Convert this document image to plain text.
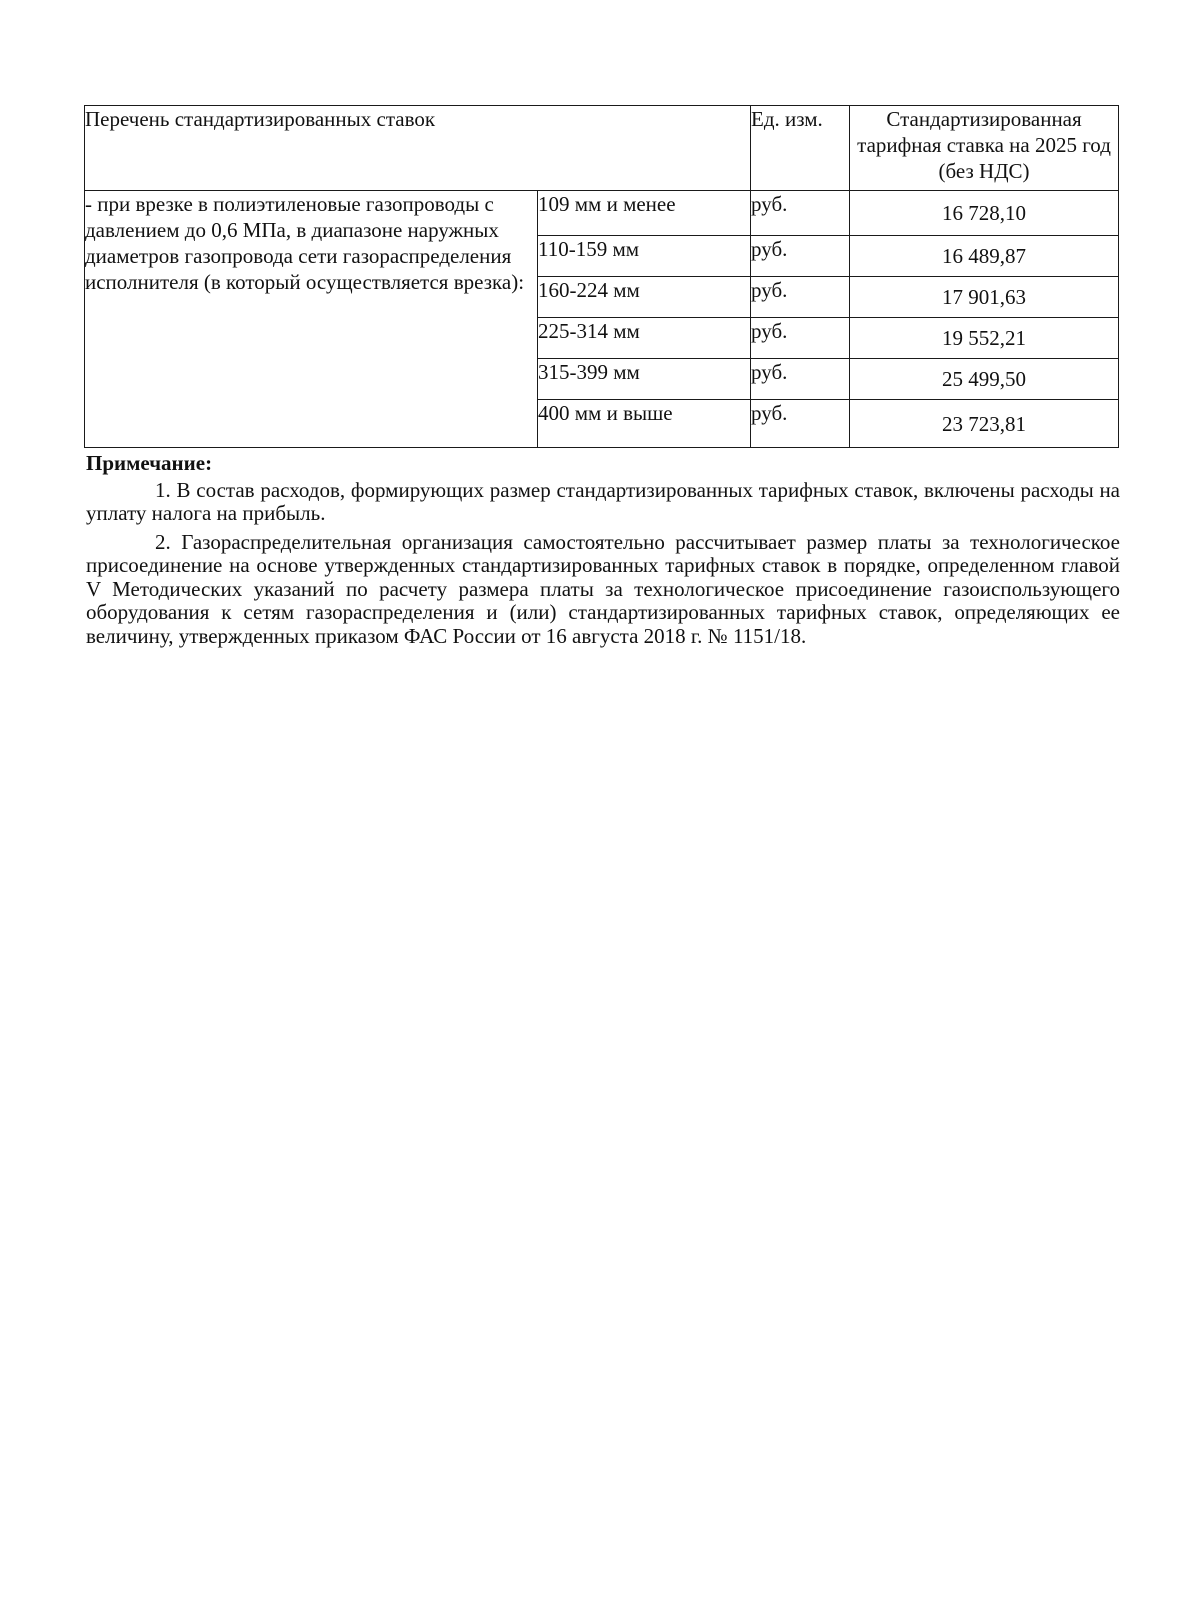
Перечень стандартизированных ставок		Ед. изм.	Стандартизированная тарифная ставка на 2025 год (без НДС)
- при врезке в полиэтиленовые газопроводы с давлением до 0,6 МПа, в диапазоне наружных диаметров газопровода сети газораспределения исполнителя (в который осуществляется врезка):	109 мм и менее	руб.	16 728,10
	110-159 мм	руб.	16 489,87
	160-224 мм	руб.	17 901,63
	225-314 мм	руб.	19 552,21
	315-399 мм	руб.	25 499,50
	400 мм и выше	руб.	23 723,81

Примечание:

1. В состав расходов, формирующих размер стандартизированных тарифных ставок, включены расходы на уплату налога на прибыль.

2. Газораспределительная организация самостоятельно рассчитывает размер платы за технологическое присоединение на основе утвержденных стандартизированных тарифных ставок в порядке, определенном главой V Методических указаний по расчету размера платы за технологическое присоединение газоиспользующего оборудования к сетям газораспределения и (или) стандартизированных тарифных ставок, определяющих ее величину, утвержденных приказом ФАС России от 16 августа 2018 г. № 1151/18.
